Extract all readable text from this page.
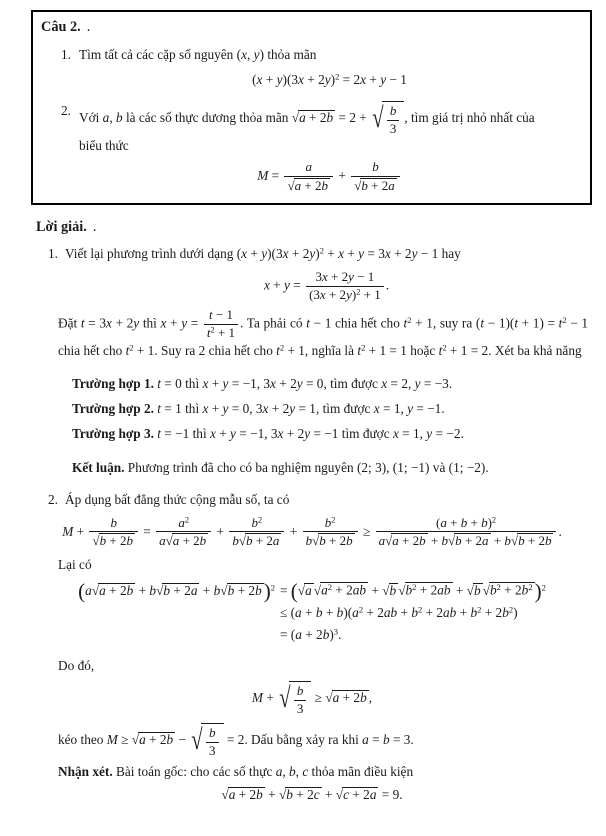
Câu 2. .
1. Tìm tất cả các cặp số nguyên (x, y) thỏa mãn
$(x + y)(3x + 2y)^2 = 2x + y - 1$
2. Với a, b là các số thực dương thỏa mãn √ a + 2b = 2 + √ $\frac{b}{3}$ , tìm giá trị nhỏ nhất của
biểu thức
$M = \frac{a}{√ a + 2b} + \frac{b}{√ b + 2a}$
Lời giải. .
1. Viết lại phương trình dưới dạng $(x + y)(3x + 2y)^2 + x + y = 3x + 2y - 1$ hay
$x + y = \frac{3x + 2y - 1}{(3x + 2y)^2 + 1}$ .
Đặt t = 3x + 2y thì $x + y = \frac{t - 1}{t^2 + 1}$ . Ta phải có t − 1 chia hết cho $t^2 + 1$, suy ra $(t - 1)(t + 1) = t^2 - 1$ chia hết cho $t^2 + 1$. Suy ra 2 chia hết cho $t^2 + 1$, nghĩa là $t^2 + 1 = 1$ hoặc $t^2 + 1 = 2$. Xét ba khả năng
Trường hợp 1. t = 0 thì x + y = −1, 3x + 2y = 0, tìm được x = 2, y = −3.
Trường hợp 2. t = 1 thì x + y = 0, 3x + 2y = 1, tìm được x = 1, y = −1.
Trường hợp 3. t = −1 thì x + y = −1, 3x + 2y = −1 tìm được x = 1, y = −2.
Kết luận. Phương trình đã cho có ba nghiệm nguyên (2; 3), (1; −1) và (1; −2).
2. Áp dụng bất đẳng thức cộng mẫu số, ta có
$M + \frac{b}{√ b + 2b} = \frac{a^2}{a √ a + 2b} + \frac{b^2}{b √ b + 2a} + \frac{b^2}{b √ b + 2b} \ge \frac{(a + b + b)^2}{a √ a + 2b + b √ b + 2a + b √ b + 2b}$ .
Lại có
(a √ a + 2b + b √ b + 2a + b √ b + 2b )$^2$ = ( √ a √ $a^2 + 2ab$ + √ b √ $b^2 + 2ab$ + √ b √ $b^2 + 2b^2$ )$^2$
≤ $(a + b + b)(a^2 + 2ab + b^2 + 2ab + b^2 + 2b^2)$
= $(a + 2b)^3$.
Do đó,
M + √ $\frac{b}{3}$ ≥ √ a + 2b ,
kéo theo M ≥ √ a + 2b − √ $\frac{b}{3} = 2$. Dấu bằng xảy ra khi a = b = 3.
Nhận xét. Bài toán gốc: cho các số thực a, b, c thỏa mãn điều kiện
√ a + 2b + √ b + 2c + √ c + 2a = 9.
